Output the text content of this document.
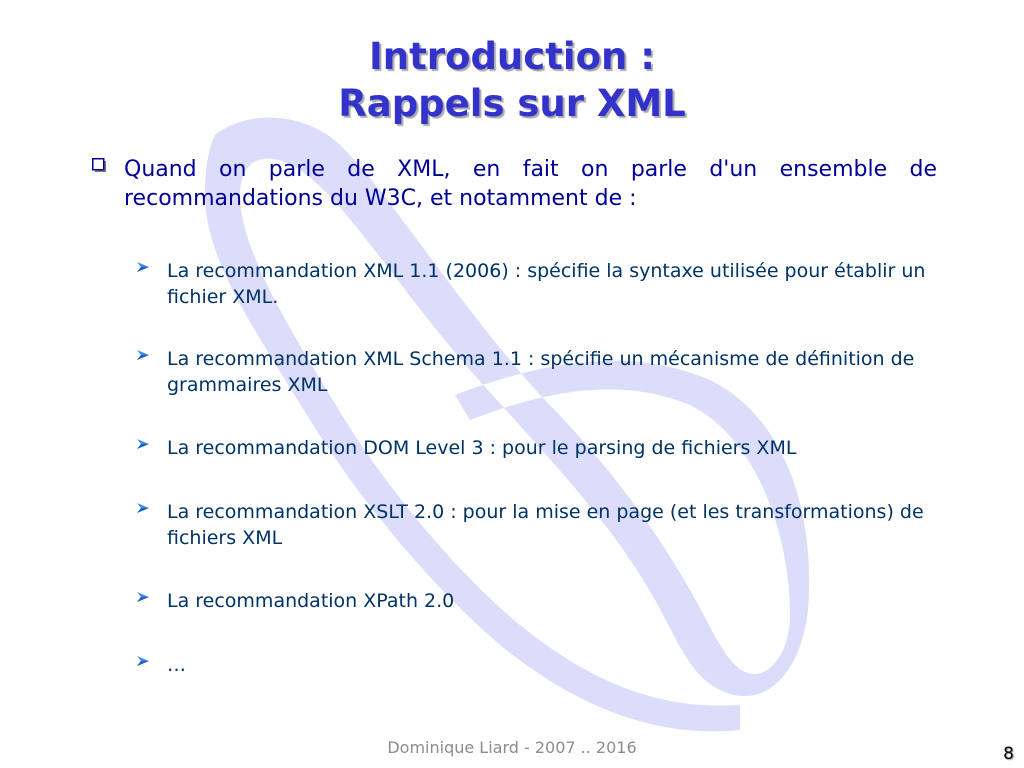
Introduction :
Rappels sur XML
Quand on parle de XML, en fait on parle d'un ensemble de recommandations du W3C, et notamment de :
La recommandation XML 1.1 (2006) : spécifie la syntaxe utilisée pour établir un fichier XML.
La recommandation XML Schema 1.1 : spécifie un mécanisme de définition de grammaires XML
La recommandation DOM Level 3 : pour le parsing de fichiers XML
La recommandation XSLT 2.0 : pour la mise en page (et les transformations) de fichiers XML
La recommandation XPath 2.0
…
Dominique Liard - 2007 .. 2016	8
